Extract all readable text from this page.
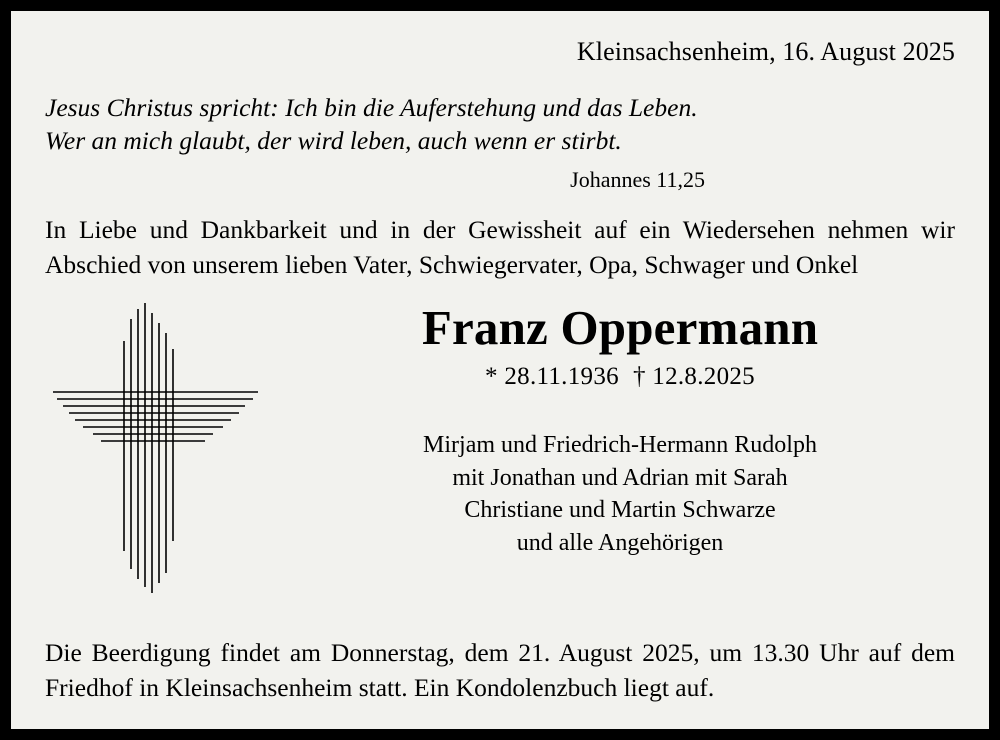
Kleinsachsenheim, 16. August 2025
Jesus Christus spricht: Ich bin die Auferstehung und das Leben.
Wer an mich glaubt, der wird leben, auch wenn er stirbt.
Johannes 11,25
In Liebe und Dankbarkeit und in der Gewissheit auf ein Wiedersehen nehmen wir Abschied von unserem lieben Vater, Schwiegervater, Opa, Schwager und Onkel
Franz Oppermann
* 28.11.1936 † 12.8.2025
Mirjam und Friedrich-Hermann Rudolph
mit Jonathan und Adrian mit Sarah
Christiane und Martin Schwarze
und alle Angehörigen
Die Beerdigung findet am Donnerstag, dem 21. August 2025, um 13.30 Uhr auf dem Friedhof in Kleinsachsenheim statt. Ein Kondolenzbuch liegt auf.
